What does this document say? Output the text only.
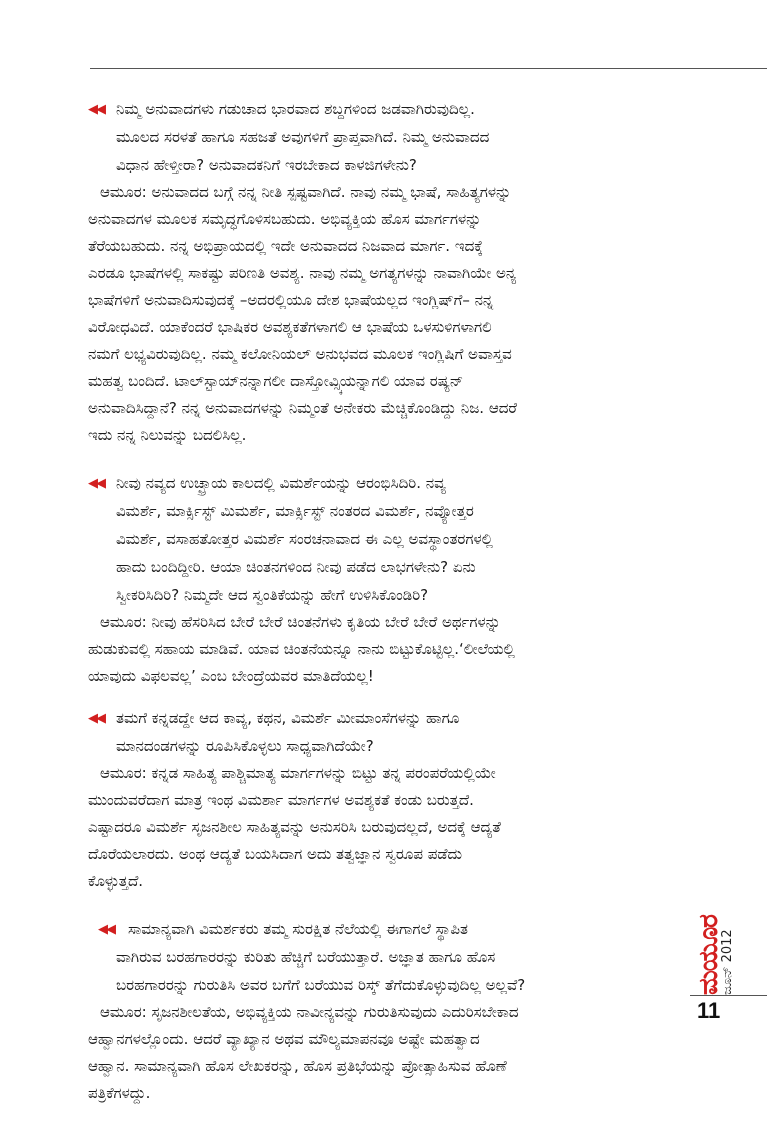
◀◀ ನಿಮ್ಮ ಅನುವಾದಗಳು ಗಡುಚಾದ ಭಾರವಾದ ಶಬ್ದಗಳಿಂದ ಜಡವಾಗಿರುವುದಿಲ್ಲ.
ಮೂಲದ ಸರಳತೆ ಹಾಗೂ ಸಹಜತೆ ಅವುಗಳಿಗೆ ಪ್ರಾಪ್ತವಾಗಿದೆ. ನಿಮ್ಮ ಅನುವಾದದ
ವಿಧಾನ ಹೇಳ್ತೀರಾ? ಅನುವಾದಕನಿಗೆ ಇರಬೇಕಾದ ಕಾಳಜಿಗಳೇನು?
ಆಮೂರ: ಅನುವಾದದ ಬಗ್ಗೆ ನನ್ನ ನೀತಿ ಸ್ಪಷ್ಟವಾಗಿದೆ. ನಾವು ನಮ್ಮ ಭಾಷೆ, ಸಾಹಿತ್ಯಗಳನ್ನು
ಅನುವಾದಗಳ ಮೂಲಕ ಸಮೃದ್ಧಗೊಳಿಸಬಹುದು. ಅಭಿವ್ಯಕ್ತಿಯ ಹೊಸ ಮಾರ್ಗಗಳನ್ನು
ತೆರೆಯಬಹುದು. ನನ್ನ ಅಭಿಪ್ರಾಯದಲ್ಲಿ ಇದೇ ಅನುವಾದದ ನಿಜವಾದ ಮಾರ್ಗ. ಇದಕ್ಕೆ
ಎರಡೂ ಭಾಷೆಗಳಲ್ಲಿ ಸಾಕಷ್ಟು ಪರಿಣತಿ ಅವಶ್ಯ. ನಾವು ನಮ್ಮ ಅಗತ್ಯಗಳನ್ನು ನಾವಾಗಿಯೇ ಅನ್ಯ
ಭಾಷೆಗಳಿಗೆ ಅನುವಾದಿಸುವುದಕ್ಕೆ –ಅದರಲ್ಲಿಯೂ ದೇಶ ಭಾಷೆಯಲ್ಲದ ಇಂಗ್ಲಿಷ್‌ಗೆ– ನನ್ನ
ವಿರೋಧವಿದೆ. ಯಾಕೆಂದರೆ ಭಾಷಿಕರ ಅವಶ್ಯಕತೆಗಳಾಗಲಿ ಆ ಭಾಷೆಯ ಒಳಸುಳಿಗಳಾಗಲಿ
ನಮಗೆ ಲಭ್ಯವಿರುವುದಿಲ್ಲ. ನಮ್ಮ ಕಲೋನಿಯಲ್ ಅನುಭವದ ಮೂಲಕ ಇಂಗ್ಲಿಷಿಗೆ ಅವಾಸ್ತವ
ಮಹತ್ವ ಬಂದಿದೆ. ಟಾಲ್‌ಸ್ಟಾಯ್‌ನನ್ನಾಗಲೀ ದಾಸ್ತೋವ್ಸ್ಕಿಯನ್ನಾಗಲಿ ಯಾವ ರಷ್ಯನ್
ಅನುವಾದಿಸಿದ್ದಾನೆ? ನನ್ನ ಅನುವಾದಗಳನ್ನು ನಿಮ್ಮಂತೆ ಅನೇಕರು ಮೆಚ್ಚಿಕೊಂಡಿದ್ದು ನಿಜ. ಆದರೆ
ಇದು ನನ್ನ ನಿಲುವನ್ನು ಬದಲಿಸಿಲ್ಲ.
◀◀ ನೀವು ನವ್ಯದ ಉಚ್ಛ್ರಾಯ ಕಾಲದಲ್ಲಿ ವಿಮರ್ಶೆಯನ್ನು ಆರಂಭಿಸಿದಿರಿ. ನವ್ಯ
ವಿಮರ್ಶೆ, ಮಾರ್ಕ್ಸಿಸ್ಟ್ ಮಿಮರ್ಶೆ, ಮಾರ್ಕ್ಸಿಸ್ಟ್ ನಂತರದ ವಿಮರ್ಶೆ, ನವ್ಯೋತ್ತರ
ವಿಮರ್ಶೆ, ವಸಾಹತೋತ್ತರ ವಿಮರ್ಶೆ ಸಂರಚನಾವಾದ ಈ ಎಲ್ಲ ಅವಸ್ಥಾಂತರಗಳಲ್ಲಿ
ಹಾದು ಬಂದಿದ್ದೀರಿ. ಆಯಾ ಚಿಂತನಗಳಿಂದ ನೀವು ಪಡೆದ ಲಾಭಗಳೇನು? ಏನು
ಸ್ವೀಕರಿಸಿದಿರಿ? ನಿಮ್ಮದೇ ಆದ ಸ್ವಂತಿಕೆಯನ್ನು ಹೇಗೆ ಉಳಿಸಿಕೊಂಡಿರಿ?
ಆಮೂರ: ನೀವು ಹೆಸರಿಸಿದ ಬೇರೆ ಬೇರೆ ಚಿಂತನೆಗಳು ಕೃತಿಯ ಬೇರೆ ಬೇರೆ ಅರ್ಥಗಳನ್ನು
ಹುಡುಕುವಲ್ಲಿ ಸಹಾಯ ಮಾಡಿವೆ. ಯಾವ ಚಿಂತನೆಯನ್ನೂ ನಾನು ಬಿಟ್ಟುಕೊಟ್ಟಿಲ್ಲ.‘ಲೀಲೆಯಲ್ಲಿ
ಯಾವುದು ವಿಫಲವಲ್ಲ’ ಎಂಬ ಬೇಂದ್ರೆಯವರ ಮಾತಿದೆಯಲ್ಲ!
◀◀ ತಮಗೆ ಕನ್ನಡದ್ದೇ ಆದ ಕಾವ್ಯ, ಕಥನ, ವಿಮರ್ಶೆ ಮೀಮಾಂಸೆಗಳನ್ನು ಹಾಗೂ
ಮಾನದಂಡಗಳನ್ನು ರೂಪಿಸಿಕೊಳ್ಳಲು ಸಾಧ್ಯವಾಗಿದೆಯೇ?
ಆಮೂರ: ಕನ್ನಡ ಸಾಹಿತ್ಯ ಪಾಶ್ಚಿಮಾತ್ಯ ಮಾರ್ಗಗಳನ್ನು ಬಿಟ್ಟು ತನ್ನ ಪರಂಪರೆಯಲ್ಲಿಯೇ
ಮುಂದುವರೆದಾಗ ಮಾತ್ರ ಇಂಥ ವಿಮರ್ಶಾ ಮಾರ್ಗಗಳ ಅವಶ್ಯಕತೆ ಕಂಡು ಬರುತ್ತದೆ.
ಎಷ್ಟಾದರೂ ವಿಮರ್ಶೆ ಸೃಜನಶೀಲ ಸಾಹಿತ್ಯವನ್ನು ಅನುಸರಿಸಿ ಬರುವುದಲ್ಲದೆ, ಅದಕ್ಕೆ ಆದ್ಯತೆ
ದೊರೆಯಲಾರದು. ಅಂಥ ಆದ್ಯತೆ ಬಯಸಿದಾಗ ಅದು ತತ್ವಜ್ಞಾನ ಸ್ವರೂಪ ಪಡೆದು
ಕೊಳ್ಳುತ್ತದೆ.
◀◀ ಸಾಮಾನ್ಯವಾಗಿ ವಿಮರ್ಶಕರು ತಮ್ಮ ಸುರಕ್ಷಿತ ನೆಲೆಯಲ್ಲಿ ಈಗಾಗಲೆ ಸ್ಥಾಪಿತ
ವಾಗಿರುವ ಬರಹಗಾರರನ್ನು ಕುರಿತು ಹೆಚ್ಚಿಗೆ ಬರೆಯುತ್ತಾರೆ. ಅಜ್ಞಾತ ಹಾಗೂ ಹೊಸ
ಬರಹಗಾರರನ್ನು ಗುರುತಿಸಿ ಅವರ ಬಗೆಗೆ ಬರೆಯುವ ರಿಸ್ಕ್ ತೆಗೆದುಕೊಳ್ಳುವುದಿಲ್ಲ ಅಲ್ಲವೆ?
ಆಮೂರ: ಸೃಜನಶೀಲತೆಯ, ಅಭಿವ್ಯಕ್ತಿಯ ನಾವೀನ್ಯವನ್ನು ಗುರುತಿಸುವುದು ಎದುರಿಸಬೇಕಾದ
ಆಹ್ವಾನಗಳಲ್ಲೊಂದು. ಆದರೆ ವ್ಯಾಖ್ಯಾನ ಅಥವ ಮೌಲ್ಯಮಾಪನವೂ ಅಷ್ಟೇ ಮಹತ್ವಾದ
ಆಹ್ವಾನ. ಸಾಮಾನ್ಯವಾಗಿ ಹೊಸ ಲೇಖಕರನ್ನು, ಹೊಸ ಪ್ರತಿಭೆಯನ್ನು ಪ್ರೋತ್ಸಾಹಿಸುವ ಹೊಣೆ
ಪತ್ರಿಕೆಗಳದ್ದು.
ಮಯೂರ
ಜೂನ್ 2012
11
